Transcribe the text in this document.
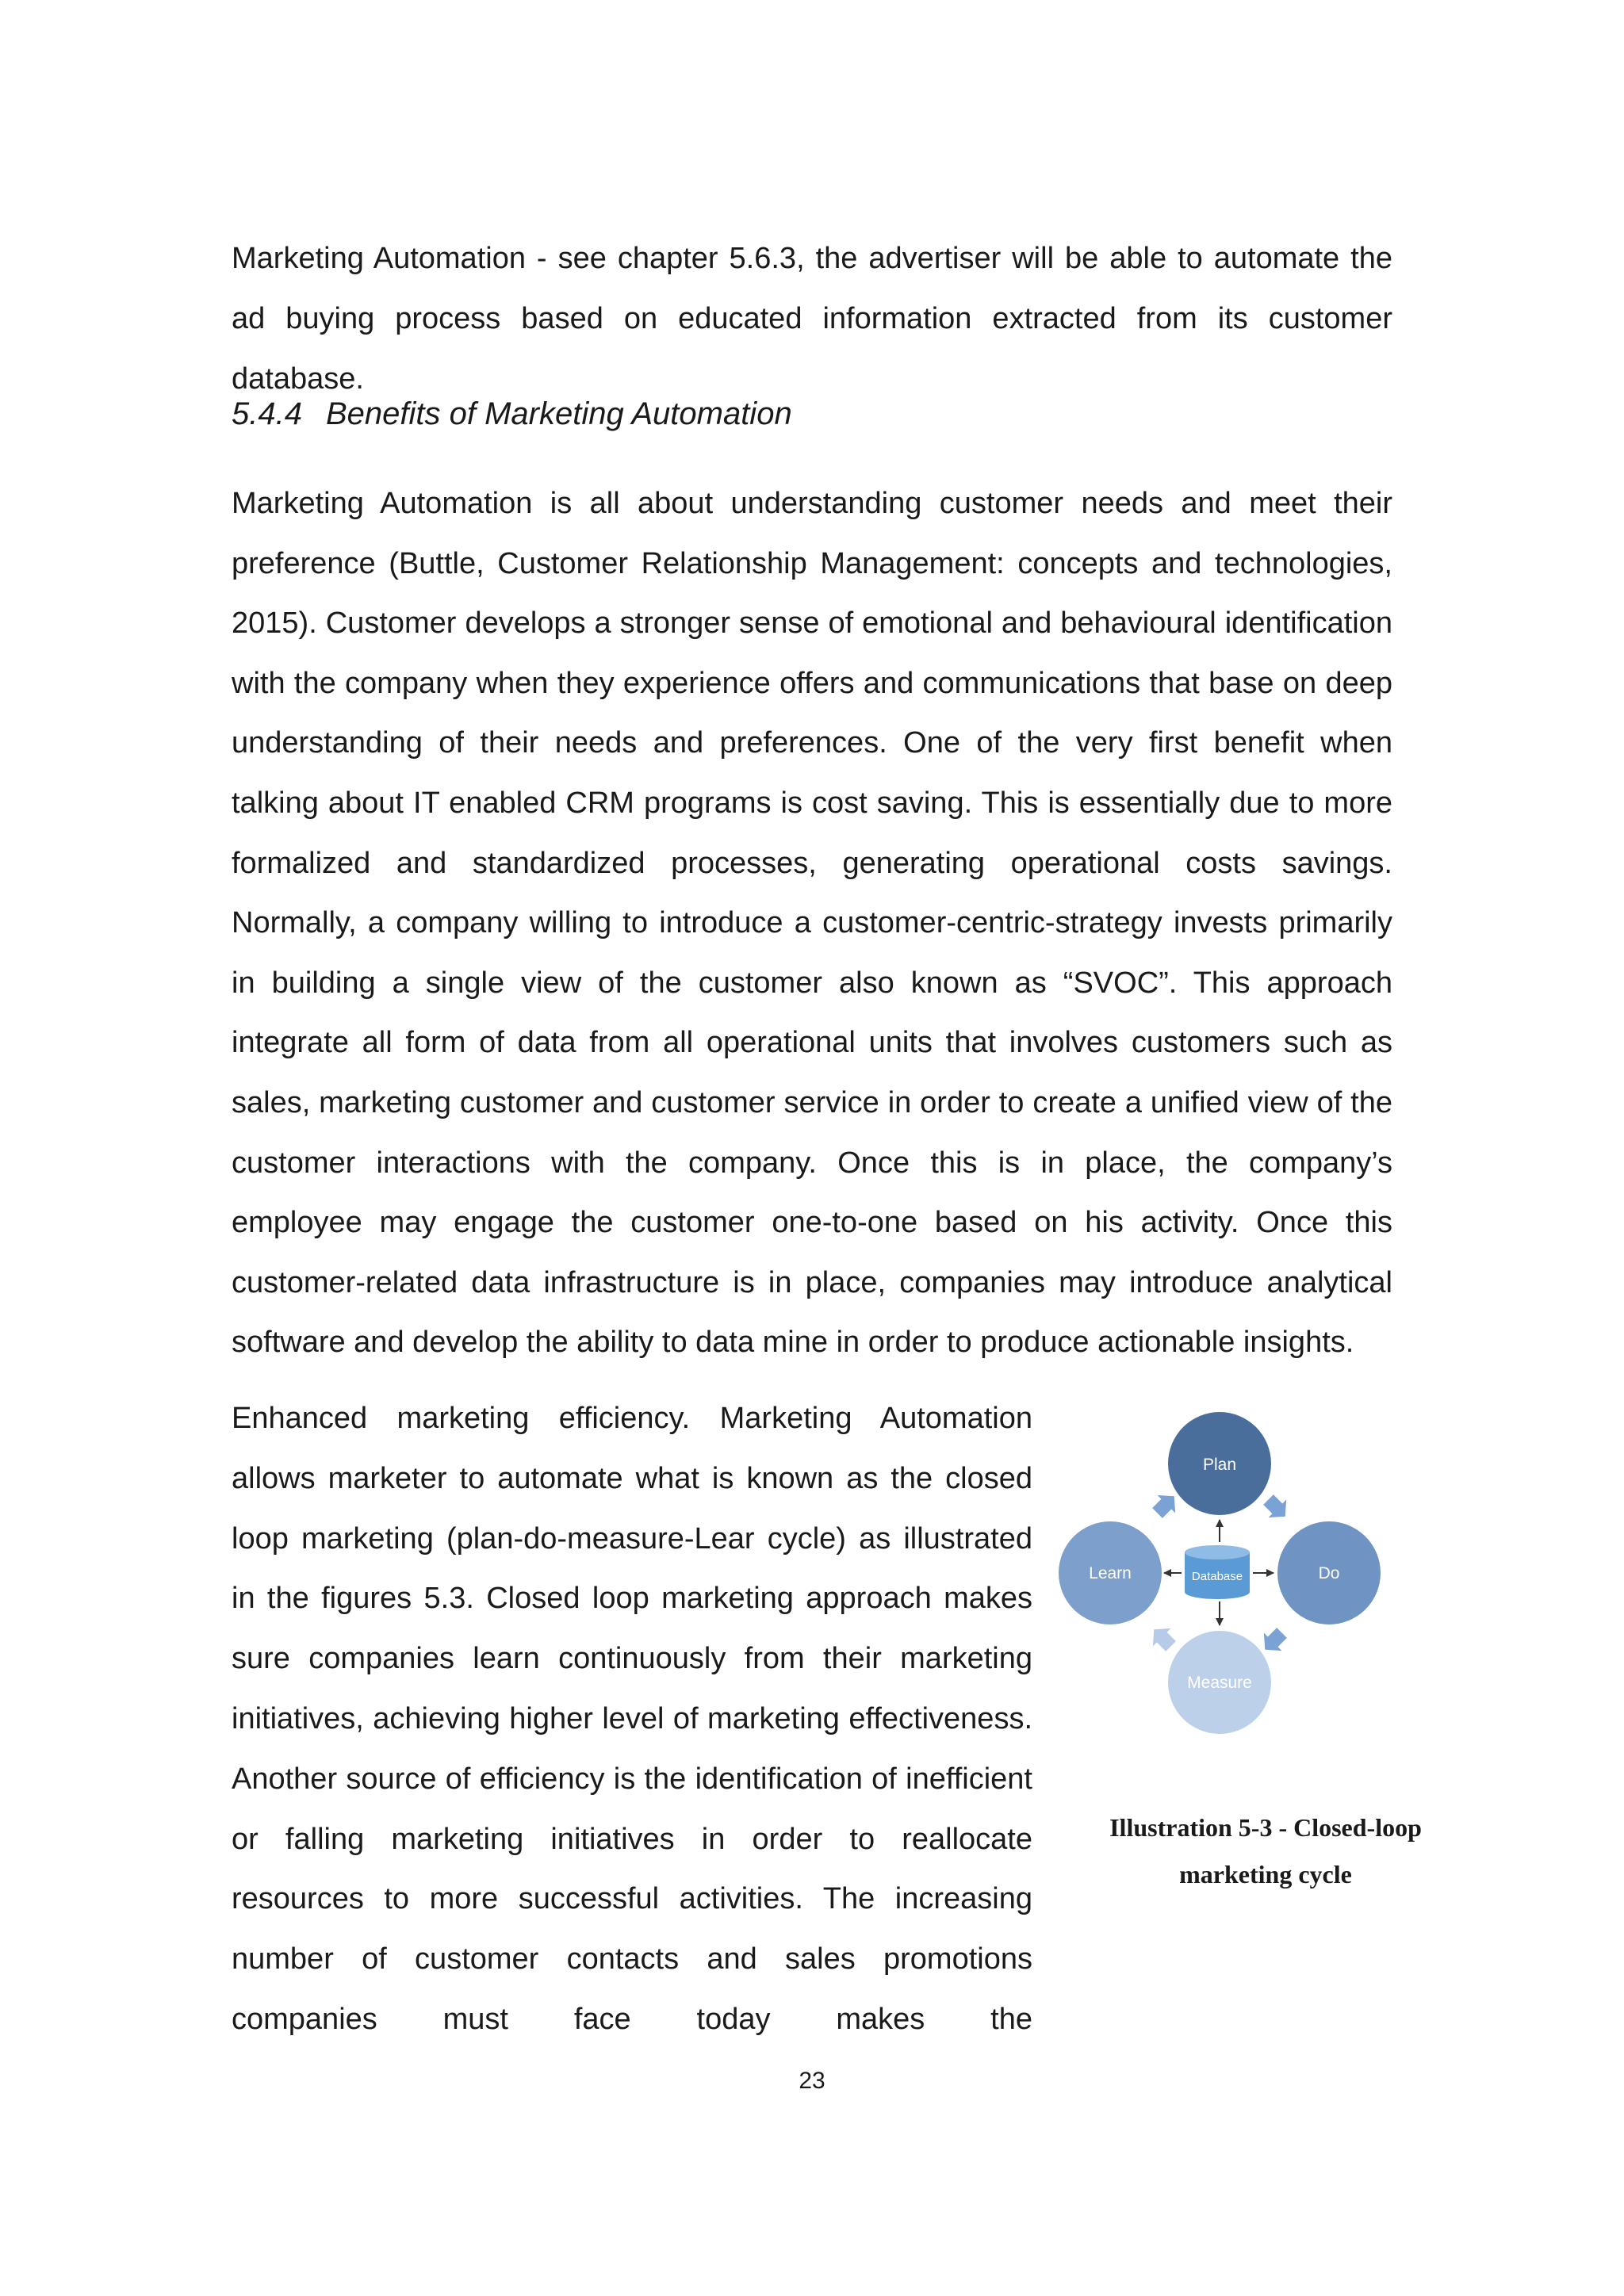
Marketing Automation - see chapter 5.6.3, the advertiser will be able to automate the ad buying process based on educated information extracted from its customer database.

5.4.4 Benefits of Marketing Automation

Marketing Automation is all about understanding customer needs and meet their preference (Buttle, Customer Relationship Management: concepts and technologies, 2015). Customer develops a stronger sense of emotional and behavioural identification with the company when they experience offers and communications that base on deep understanding of their needs and preferences. One of the very first benefit when talking about IT enabled CRM programs is cost saving. This is essentially due to more formalized and standardized processes, generating operational costs savings. Normally, a company willing to introduce a customer-centric-strategy invests primarily in building a single view of the customer also known as “SVOC”. This approach integrate all form of data from all operational units that involves customers such as sales, marketing customer and customer service in order to create a unified view of the customer interactions with the company. Once this is in place, the company’s employee may engage the customer one-to-one based on his activity. Once this customer-related data infrastructure is in place, companies may introduce analytical software and develop the ability to data mine in order to produce actionable insights.

Enhanced marketing efficiency. Marketing Automation allows marketer to automate what is known as the closed loop marketing (plan-do-measure-Lear cycle) as illustrated in the figures 5.3. Closed loop marketing approach makes sure companies learn continuously from their marketing initiatives, achieving higher level of marketing effectiveness. Another source of efficiency is the identification of inefficient or falling marketing initiatives in order to reallocate resources to more successful activities. The increasing number of customer contacts and sales promotions companies must face today makes the

Plan
Do
Measure
Learn	Database

Illustration 5-3 - Closed-loop marketing cycle

23
